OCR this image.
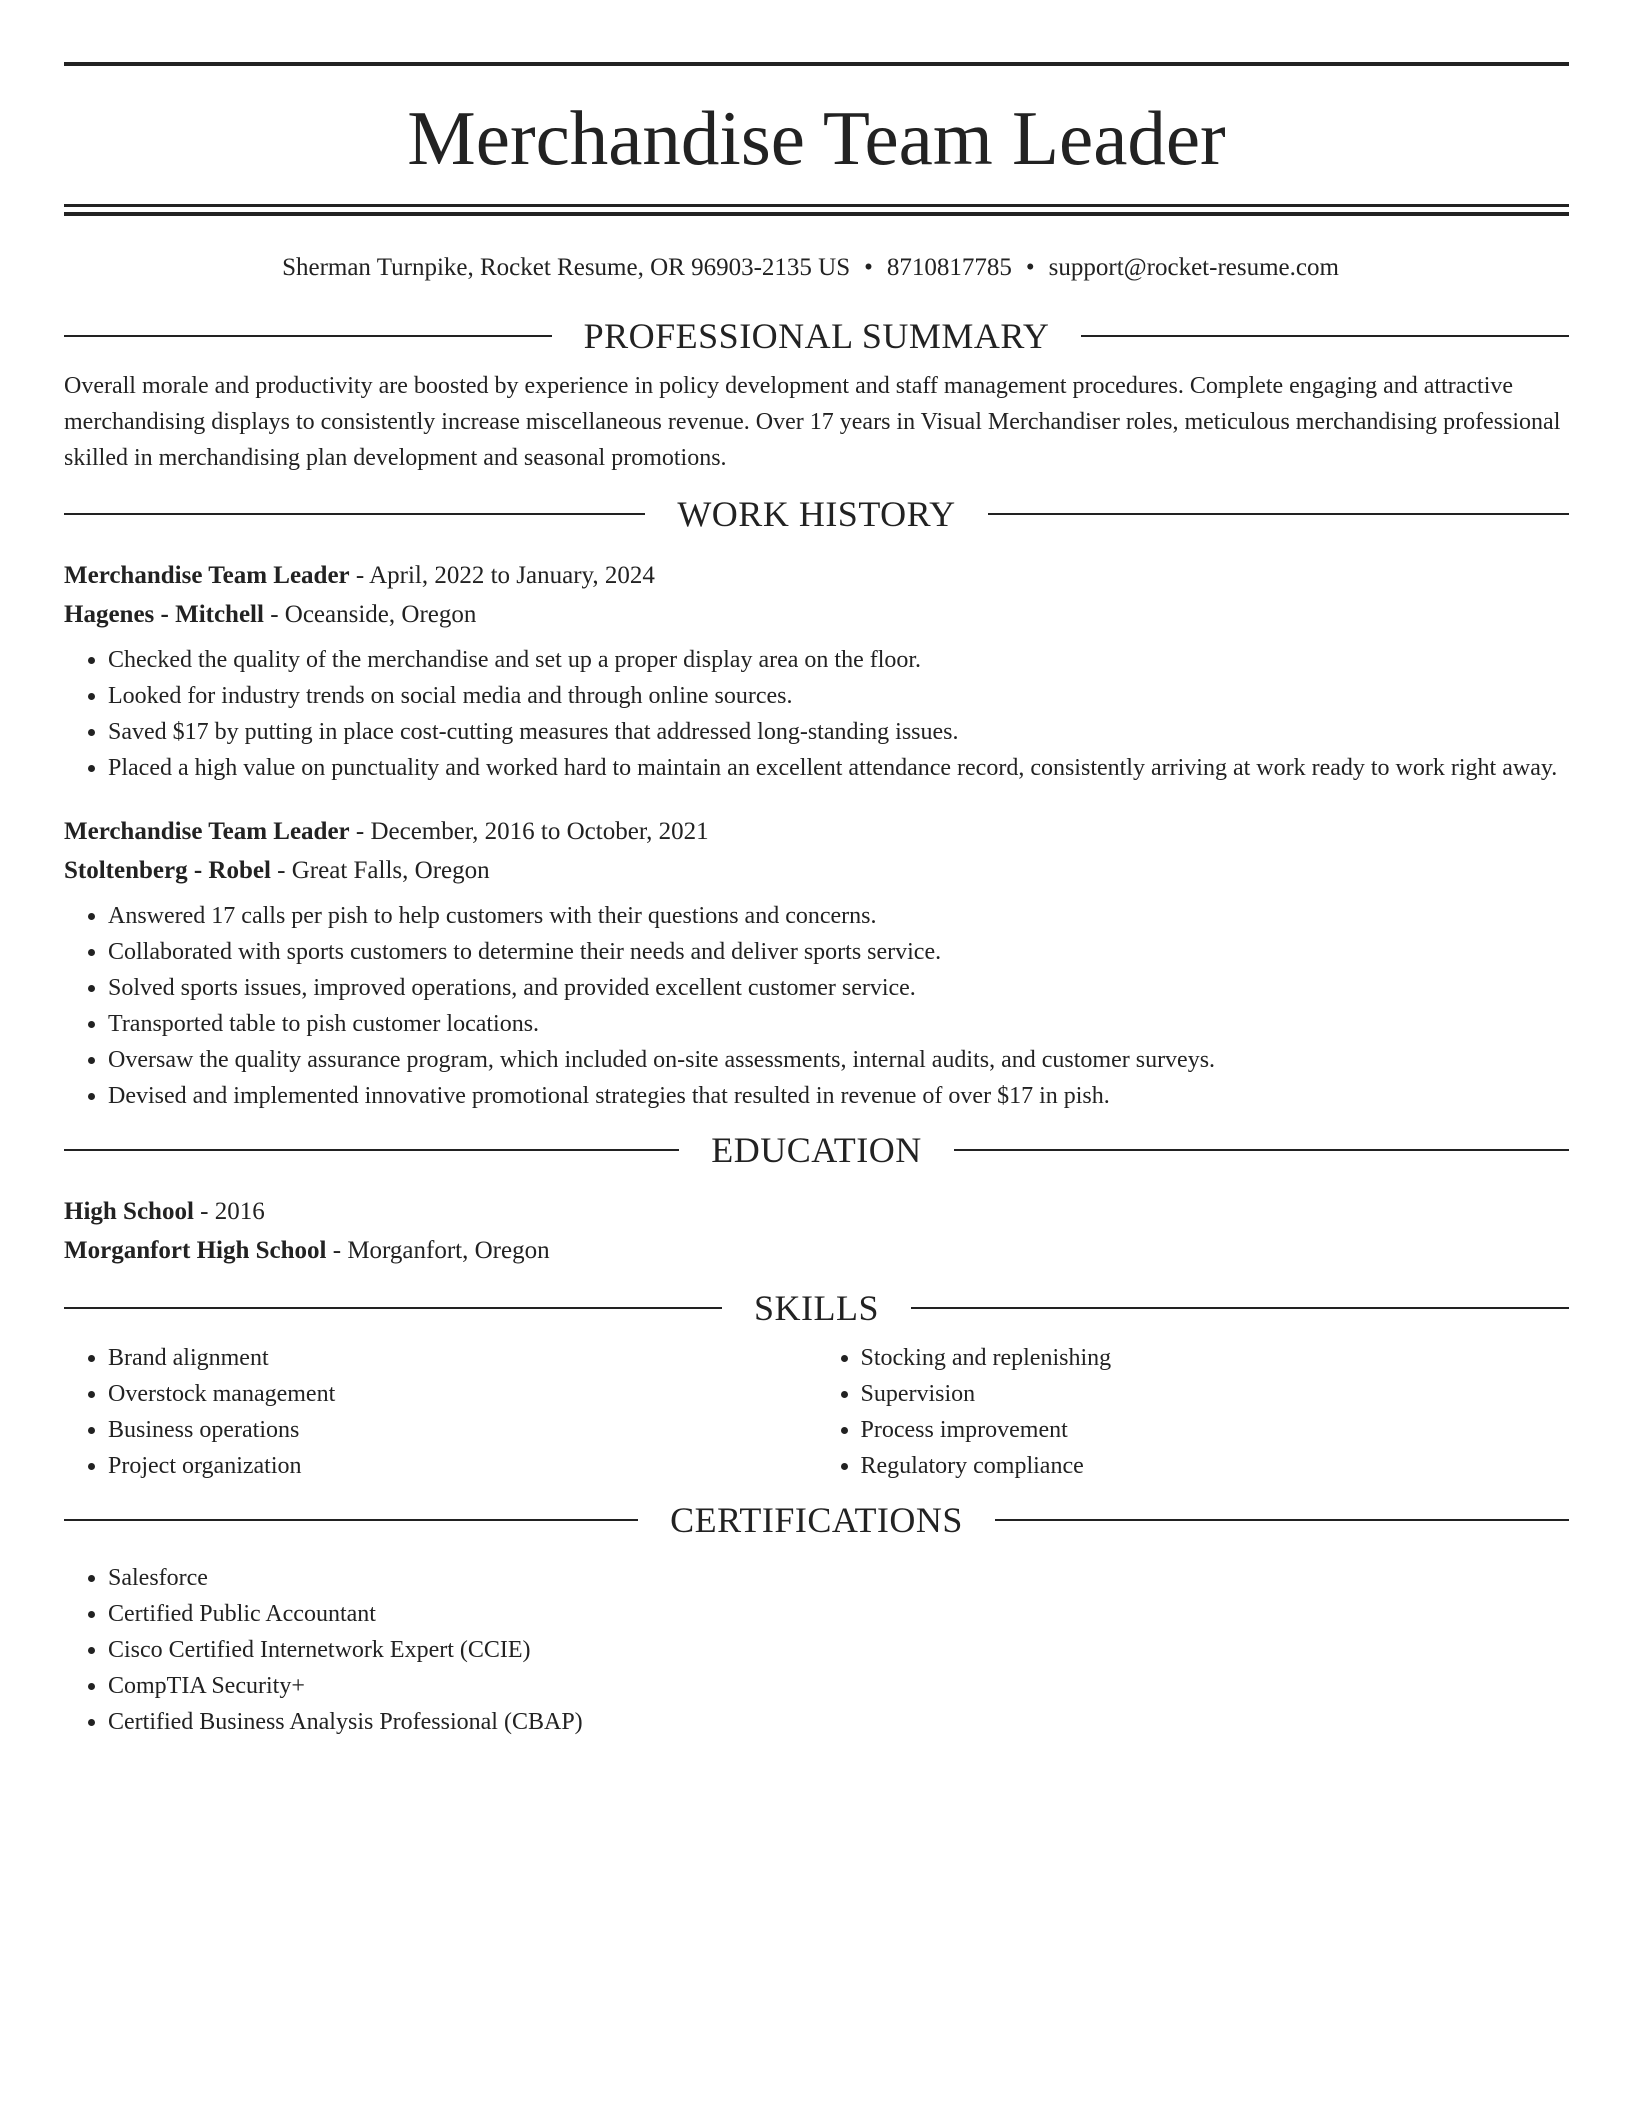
Merchandise Team Leader
Sherman Turnpike, Rocket Resume, OR 96903-2135 US • 8710817785 • support@rocket-resume.com
PROFESSIONAL SUMMARY
Overall morale and productivity are boosted by experience in policy development and staff management procedures. Complete engaging and attractive merchandising displays to consistently increase miscellaneous revenue. Over 17 years in Visual Merchandiser roles, meticulous merchandising professional skilled in merchandising plan development and seasonal promotions.
WORK HISTORY
Merchandise Team Leader - April, 2022 to January, 2024
Hagenes - Mitchell - Oceanside, Oregon
• Checked the quality of the merchandise and set up a proper display area on the floor.
• Looked for industry trends on social media and through online sources.
• Saved $17 by putting in place cost-cutting measures that addressed long-standing issues.
• Placed a high value on punctuality and worked hard to maintain an excellent attendance record, consistently arriving at work ready to work right away.
Merchandise Team Leader - December, 2016 to October, 2021
Stoltenberg - Robel - Great Falls, Oregon
• Answered 17 calls per pish to help customers with their questions and concerns.
• Collaborated with sports customers to determine their needs and deliver sports service.
• Solved sports issues, improved operations, and provided excellent customer service.
• Transported table to pish customer locations.
• Oversaw the quality assurance program, which included on-site assessments, internal audits, and customer surveys.
• Devised and implemented innovative promotional strategies that resulted in revenue of over $17 in pish.
EDUCATION
High School - 2016
Morganfort High School - Morganfort, Oregon
SKILLS
• Brand alignment
• Overstock management
• Business operations
• Project organization
• Stocking and replenishing
• Supervision
• Process improvement
• Regulatory compliance
CERTIFICATIONS
• Salesforce
• Certified Public Accountant
• Cisco Certified Internetwork Expert (CCIE)
• CompTIA Security+
• Certified Business Analysis Professional (CBAP)
